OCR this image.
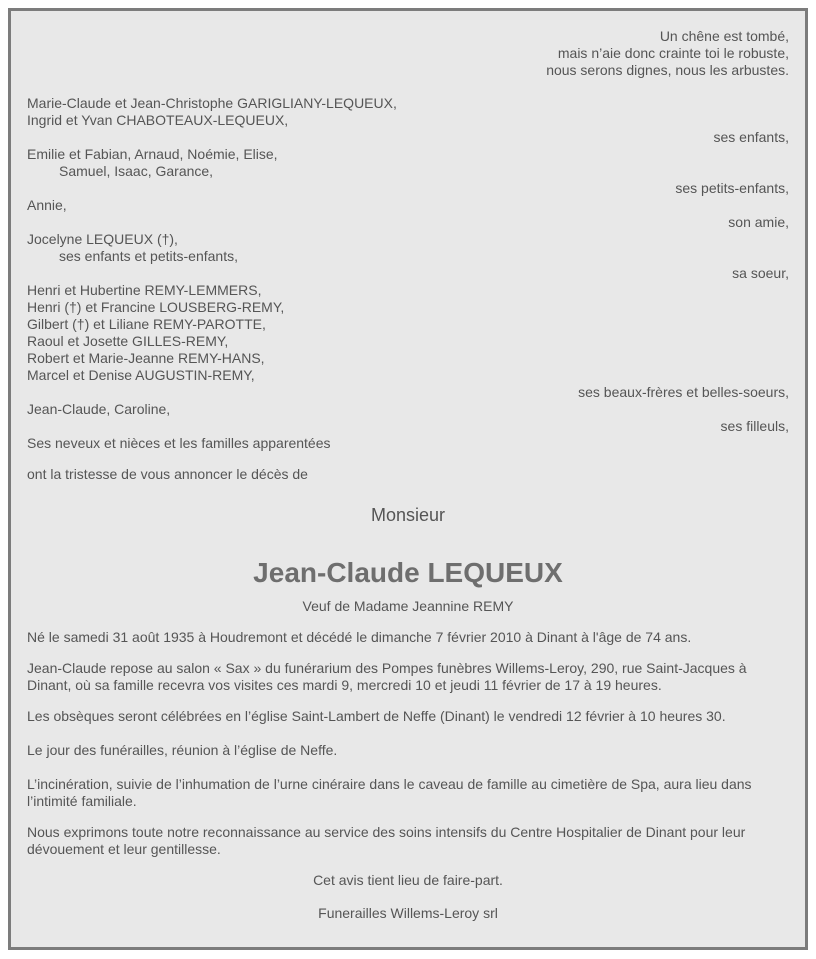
Un chêne est tombé,
mais n’aie donc crainte toi le robuste,
nous serons dignes, nous les arbustes.
Marie-Claude et Jean-Christophe GARIGLIANY-LEQUEUX,
Ingrid et Yvan CHABOTEAUX-LEQUEUX,
ses enfants,
Emilie et Fabian, Arnaud, Noémie, Elise,
Samuel, Isaac, Garance,
ses petits-enfants,
Annie,
son amie,
Jocelyne LEQUEUX (†),
ses enfants et petits-enfants,
sa soeur,
Henri et Hubertine REMY-LEMMERS,
Henri (†) et Francine LOUSBERG-REMY,
Gilbert (†) et Liliane REMY-PAROTTE,
Raoul et Josette GILLES-REMY,
Robert et Marie-Jeanne REMY-HANS,
Marcel et Denise AUGUSTIN-REMY,
ses beaux-frères et belles-soeurs,
Jean-Claude, Caroline,
ses filleuls,
Ses neveux et nièces et les familles apparentées
ont la tristesse de vous annoncer le décès de
Monsieur
Jean-Claude LEQUEUX
Veuf de Madame Jeannine REMY

Né le samedi 31 août 1935 à Houdremont et décédé le dimanche 7 février 2010 à Dinant à l'âge de 74 ans.

Jean-Claude repose au salon « Sax » du funérarium des Pompes funèbres Willems-Leroy, 290, rue Saint-Jacques à Dinant, où sa famille recevra vos visites ces mardi 9, mercredi 10 et jeudi 11 février de 17 à 19 heures.

Les obsèques seront célébrées en l’église Saint-Lambert de Neffe (Dinant) le vendredi 12 février à 10 heures 30.

Le jour des funérailles, réunion à l’église de Neffe.

L’incinération, suivie de l’inhumation de l’urne cinéraire dans le caveau de famille au cimetière de Spa, aura lieu dans l’intimité familiale.

Nous exprimons toute notre reconnaissance au service des soins intensifs du Centre Hospitalier de Dinant pour leur dévouement et leur gentillesse.

Cet avis tient lieu de faire-part.
Funerailles Willems-Leroy srl
